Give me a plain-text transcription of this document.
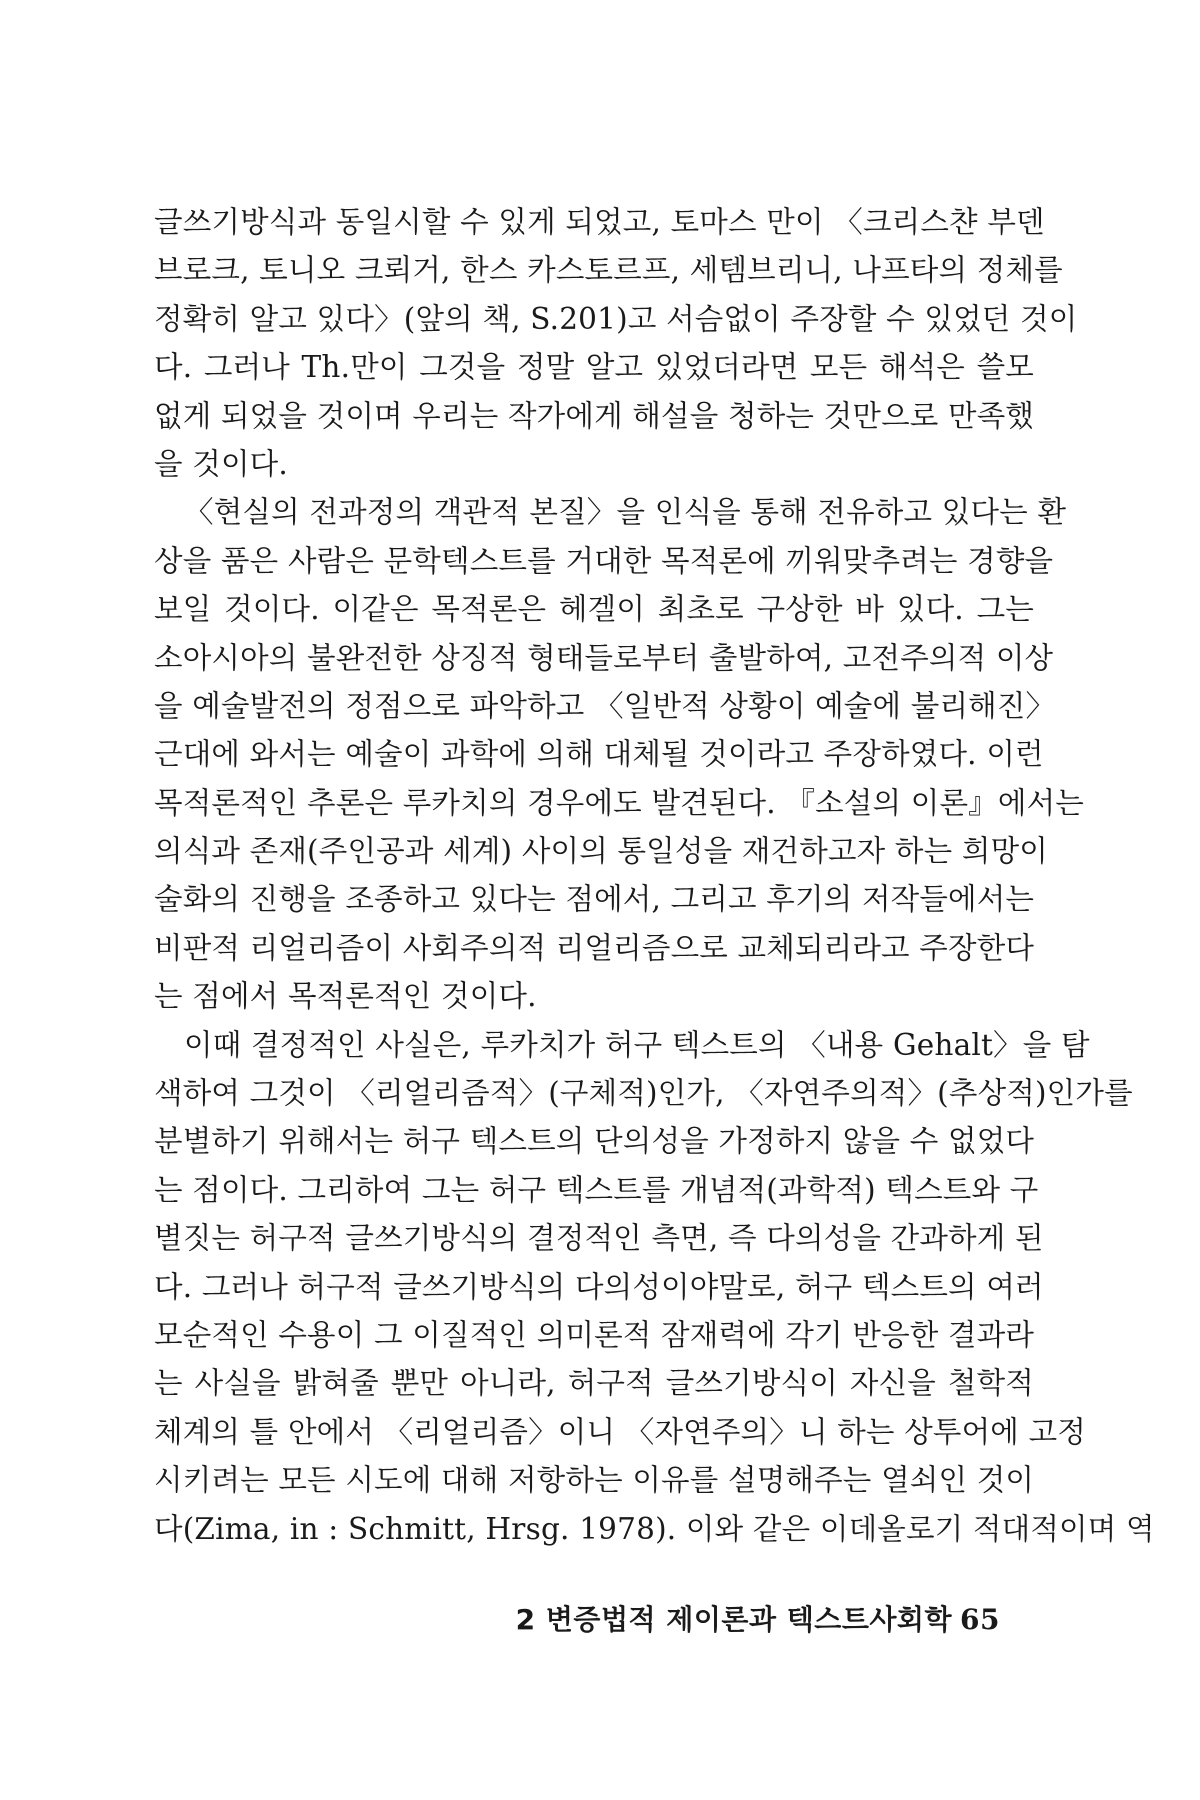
글쓰기방식과 동일시할 수 있게 되었고, 토마스 만이 〈크리스챤 부덴
브로크, 토니오 크뢰거, 한스 카스토르프, 세템브리니, 나프타의 정체를
정확히 알고 있다〉(앞의 책, S.201)고 서슴없이 주장할 수 있었던 것이
다. 그러나 Th.만이 그것을 정말 알고 있었더라면 모든 해석은 쓸모
없게 되었을 것이며 우리는 작가에게 해설을 청하는 것만으로 만족했
을 것이다.
〈현실의 전과정의 객관적 본질〉을 인식을 통해 전유하고 있다는 환
상을 품은 사람은 문학텍스트를 거대한 목적론에 끼워맞추려는 경향을
보일 것이다. 이같은 목적론은 헤겔이 최초로 구상한 바 있다. 그는
소아시아의 불완전한 상징적 형태들로부터 출발하여, 고전주의적 이상
을 예술발전의 정점으로 파악하고 〈일반적 상황이 예술에 불리해진〉
근대에 와서는 예술이 과학에 의해 대체될 것이라고 주장하였다. 이런
목적론적인 추론은 루카치의 경우에도 발견된다. 『소설의 이론』에서는
의식과 존재(주인공과 세계) 사이의 통일성을 재건하고자 하는 희망이
술화의 진행을 조종하고 있다는 점에서, 그리고 후기의 저작들에서는
비판적 리얼리즘이 사회주의적 리얼리즘으로 교체되리라고 주장한다
는 점에서 목적론적인 것이다.
이때 결정적인 사실은, 루카치가 허구 텍스트의 〈내용 Gehalt〉을 탐
색하여 그것이 〈리얼리즘적〉(구체적)인가, 〈자연주의적〉(추상적)인가를
분별하기 위해서는 허구 텍스트의 단의성을 가정하지 않을 수 없었다
는 점이다. 그리하여 그는 허구 텍스트를 개념적(과학적) 텍스트와 구
별짓는 허구적 글쓰기방식의 결정적인 측면, 즉 다의성을 간과하게 된
다. 그러나 허구적 글쓰기방식의 다의성이야말로, 허구 텍스트의 여러
모순적인 수용이 그 이질적인 의미론적 잠재력에 각기 반응한 결과라
는 사실을 밝혀줄 뿐만 아니라, 허구적 글쓰기방식이 자신을 철학적
체계의 틀 안에서 〈리얼리즘〉이니 〈자연주의〉니 하는 상투어에 고정
시키려는 모든 시도에 대해 저항하는 이유를 설명해주는 열쇠인 것이
다(Zima, in : Schmitt, Hrsg. 1978). 이와 같은 이데올로기 적대적이며 역
2 변증법적 제이론과 텍스트사회학 65
